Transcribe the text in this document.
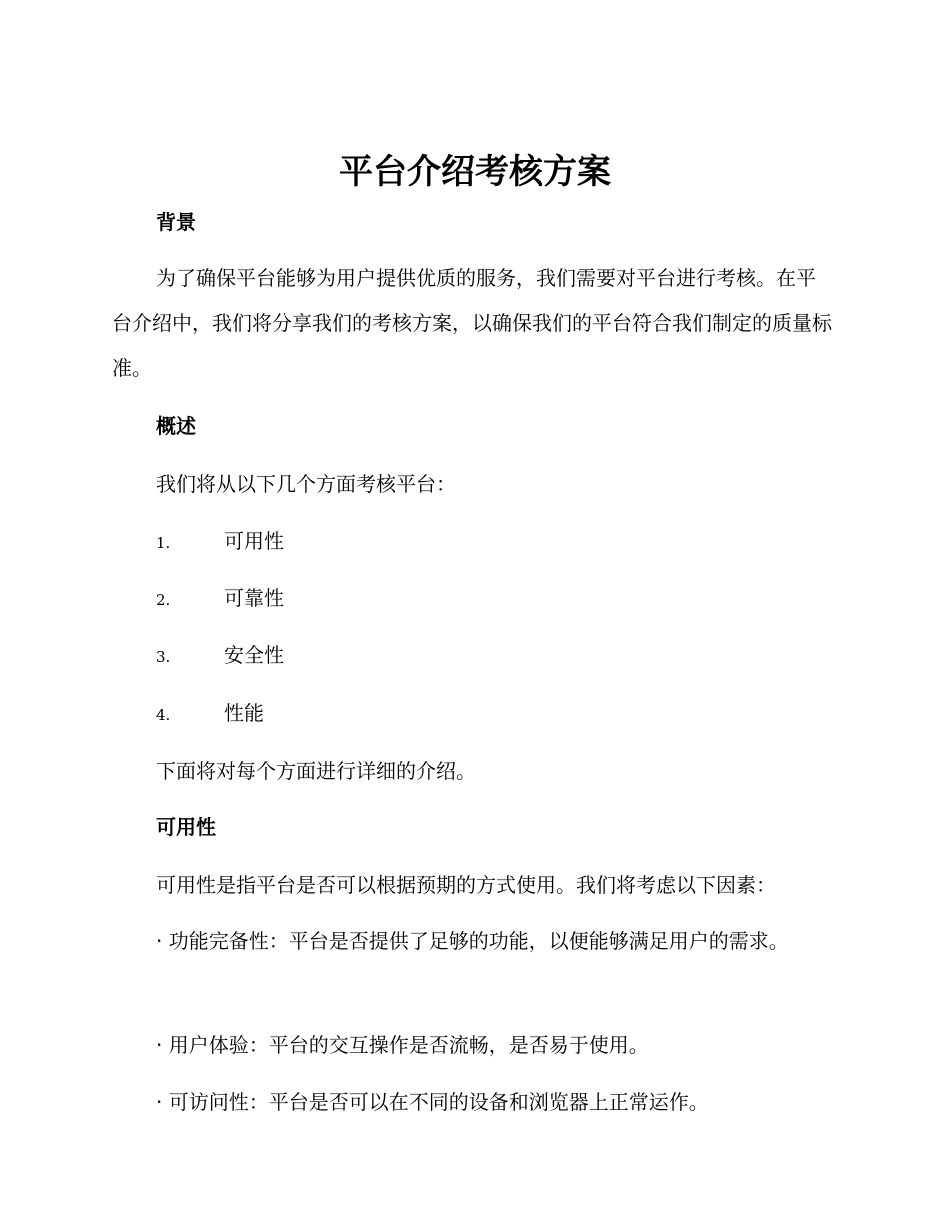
平台介绍考核方案
背景
为了确保平台能够为用户提供优质的服务，我们需要对平台进行考核。在平台介绍中，我们将分享我们的考核方案，以确保我们的平台符合我们制定的质量标准。
概述
我们将从以下几个方面考核平台：
1.	可用性
2.	可靠性
3.	安全性
4.	性能
下面将对每个方面进行详细的介绍。
可用性
可用性是指平台是否可以根据预期的方式使用。我们将考虑以下因素：
· 功能完备性：平台是否提供了足够的功能，以便能够满足用户的需求。
· 用户体验：平台的交互操作是否流畅，是否易于使用。
· 可访问性：平台是否可以在不同的设备和浏览器上正常运作。
